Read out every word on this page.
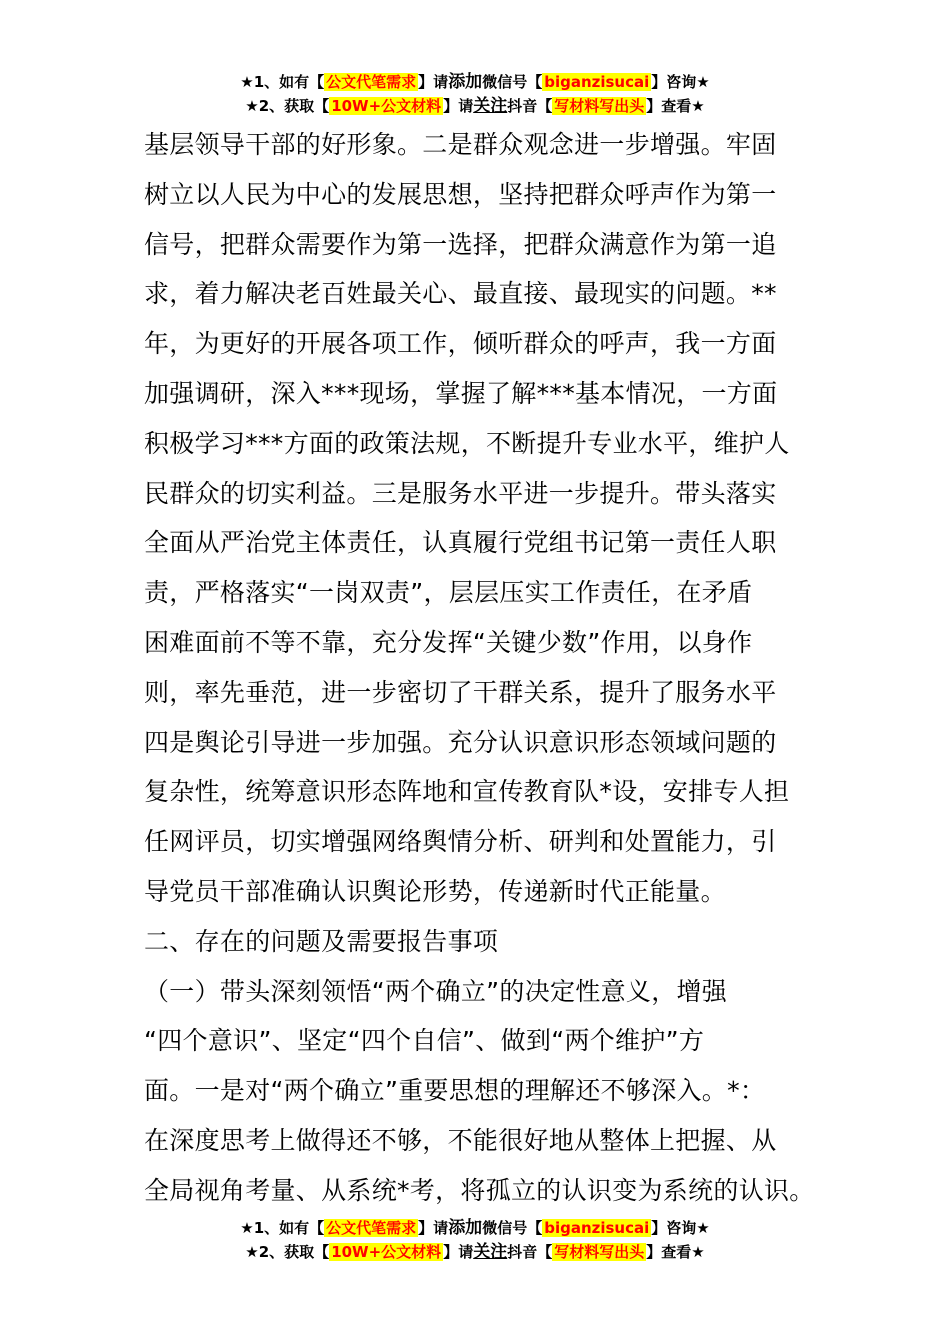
★1、如有【 公文代笔需求 】请添加微信号【 biganzisucai 】咨询★
★2、获取【 10W+公文材料 】请关注抖音【 写材料写出头 】查看★

基层领导干部的好形象。二是群众观念进一步增强。牢固

树立以人民为中心的发展思想，坚持把群众呼声作为第一

信号，把群众需要作为第一选择，把群众满意作为第一追

求，着力解决老百姓最关心、最直接、最现实的问题。**

年，为更好的开展各项工作，倾听群众的呼声，我一方面

加强调研，深入***现场，掌握了解***基本情况，一方面

积极学习***方面的政策法规，不断提升专业水平，维护人

民群众的切实利益。三是服务水平进一步提升。带头落实

全面从严治党主体责任，认真履行党组书记第一责任人职

责，严格落实“一岗双责”，层层压实工作责任，在矛盾

困难面前不等不靠，充分发挥“关键少数”作用，以身作

则，率先垂范，进一步密切了干群关系，提升了服务水平

四是舆论引导进一步加强。充分认识意识形态领域问题的

复杂性，统筹意识形态阵地和宣传教育队*设，安排专人担

任网评员，切实增强网络舆情分析、研判和处置能力，引

导党员干部准确认识舆论形势，传递新时代正能量。

二、存在的问题及需要报告事项

（一）带头深刻领悟“两个确立”的决定性意义，增强

“四个意识”、坚定“四个自信”、做到“两个维护”方

面。一是对“两个确立”重要思想的理解还不够深入。*：

在深度思考上做得还不够，不能很好地从整体上把握、从

全局视角考量、从系统*考，将孤立的认识变为系统的认识。

★1、如有【 公文代笔需求 】请添加微信号【 biganzisucai 】咨询★
★2、获取【 10W+公文材料 】请关注抖音【 写材料写出头 】查看★
